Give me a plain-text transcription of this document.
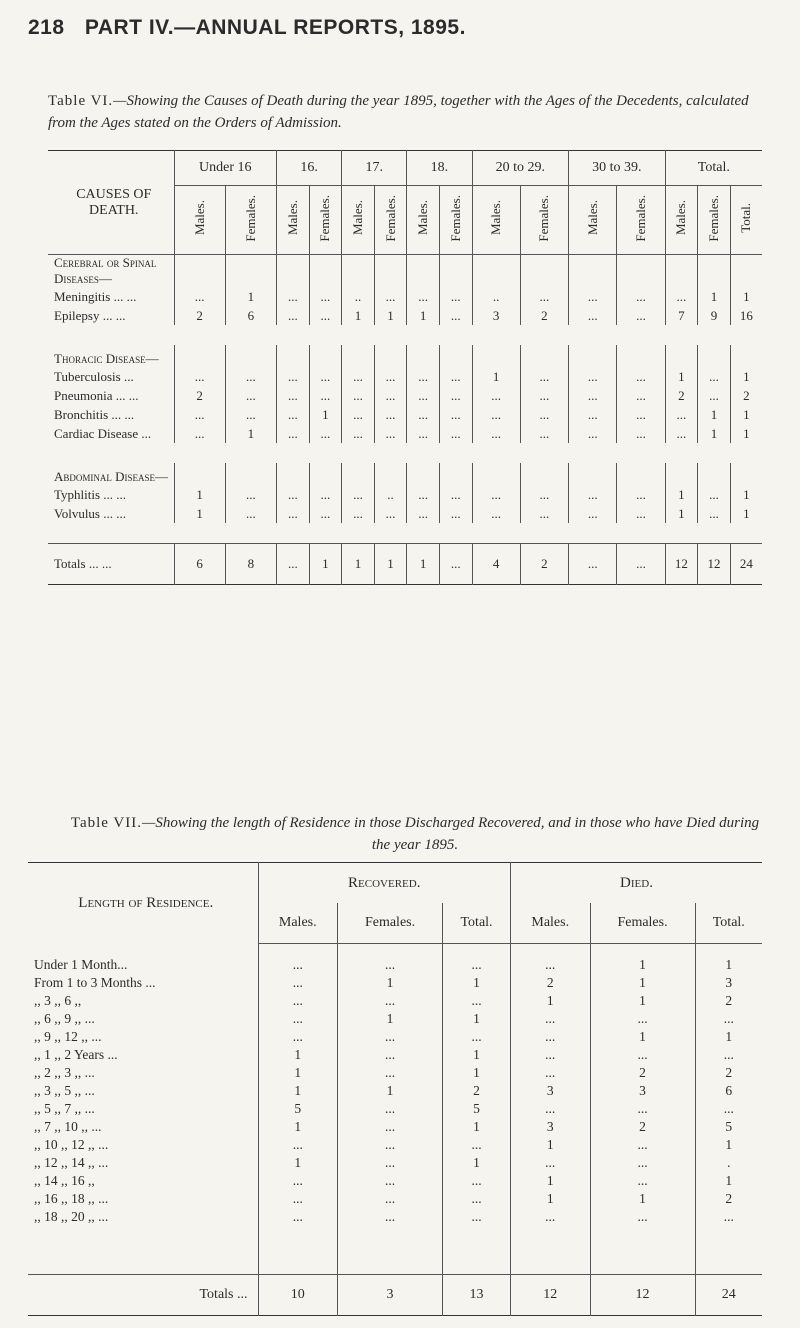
218 PART IV.—ANNUAL REPORTS, 1895.
Table VI.—Showing the Causes of Death during the year 1895, together with the Ages of the Decedents, calculated from the Ages stated on the Orders of Admission.
CAUSES OF DEATH.	Under 16		16.		17.		18.		20 to 29.		30 to 39.		Total.		
	Males.	Females.	Males.	Females.	Males.	Females.	Males.	Females.	Males.	Females.	Males.	Females.	Males.	Females.	Total.
Cerebral or Spinal Diseases—															
Meningitis ... ...	...	1	...	...	..	...	...	...	..	...	...	...	...	1	1
Epilepsy ... ...	2	6	...	...	1	1	1	...	3	2	...	...	7	9	16

Thoracic Disease—															
Tuberculosis ...	...	...	...	...	...	...	...	...	1	...	...	...	1	...	1
Pneumonia ... ...	2	...	...	...	...	...	...	...	...	...	...	...	2	...	2
Bronchitis ... ...	...	...	...	1	...	...	...	...	...	...	...	...	...	1	1
Cardiac Disease ...	...	1	...	...	...	...	...	...	...	...	...	...	...	1	1

Abdominal Disease—															
Typhlitis ... ...	1	...	...	...	...	..	...	...	...	...	...	...	1	...	1
Volvulus ... ...	1	...	...	...	...	...	...	...	...	...	...	...	1	...	1

Totals ... ...	6	8	...	1	1	1	1	...	4	2	...	...	12	12	24
Table VII.—Showing the length of Residence in those Discharged Recovered, and in those who have Died during the year 1895.
Length of Residence.	Recovered.			Died.		
	Males.	Females.	Total.	Males.	Females.	Total.

Under 1 Month...	...	...	...	...	1	1
From 1 to 3 Months ...	...	1	1	2	1	3
,, 3 ,, 6 ,,	...	...	...	1	1	2
,, 6 ,, 9 ,, ...	...	1	1	...	...	...
,, 9 ,, 12 ,, ...	...	...	...	...	1	1
,, 1 ,, 2 Years ...	1	...	1	...	...	...
,, 2 ,, 3 ,, ...	1	...	1	...	2	2
,, 3 ,, 5 ,, ...	1	1	2	3	3	6
,, 5 ,, 7 ,, ...	5	...	5	...	...	...
,, 7 ,, 10 ,, ...	1	...	1	3	2	5
,, 10 ,, 12 ,, ...	...	...	...	1	...	1
,, 12 ,, 14 ,, ...	1	...	1	...	...	.
,, 14 ,, 16 ,,	...	...	...	1	...	1
,, 16 ,, 18 ,, ...	...	...	...	1	1	2
,, 18 ,, 20 ,, ...	...	...	...	...	...	...

Totals ...	10	3	13	12	12	24
